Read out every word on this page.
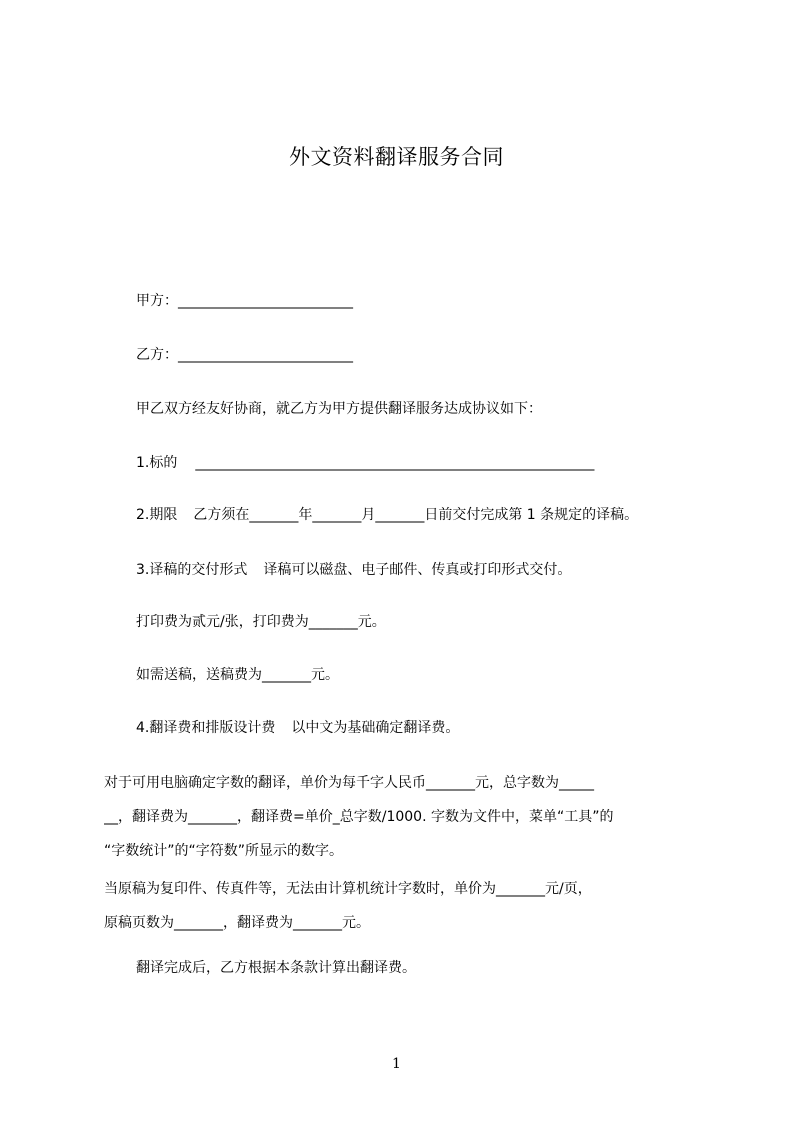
外文资料翻译服务合同
甲方：_________________________
乙方：_________________________
甲乙双方经友好协商，就乙方为甲方提供翻译服务达成协议如下：
1.标的 _________________________________________________________
2.期限 乙方须在_______年_______月_______日前交付完成第 1 条规定的译稿。
3.译稿的交付形式 译稿可以磁盘、电子邮件、传真或打印形式交付。
打印费为贰元/张，打印费为_______元。
如需送稿，送稿费为_______元。
4.翻译费和排版设计费 以中文为基础确定翻译费。
对于可用电脑确定字数的翻译，单价为每千字人民币_______元，总字数为_____
__，翻译费为_______，翻译费=单价_总字数/1000. 字数为文件中，菜单“工具”的
“字数统计”的“字符数”所显示的数字。
当原稿为复印件、传真件等，无法由计算机统计字数时，单价为_______元/页，
原稿页数为_______，翻译费为_______元。
翻译完成后，乙方根据本条款计算出翻译费。
1
